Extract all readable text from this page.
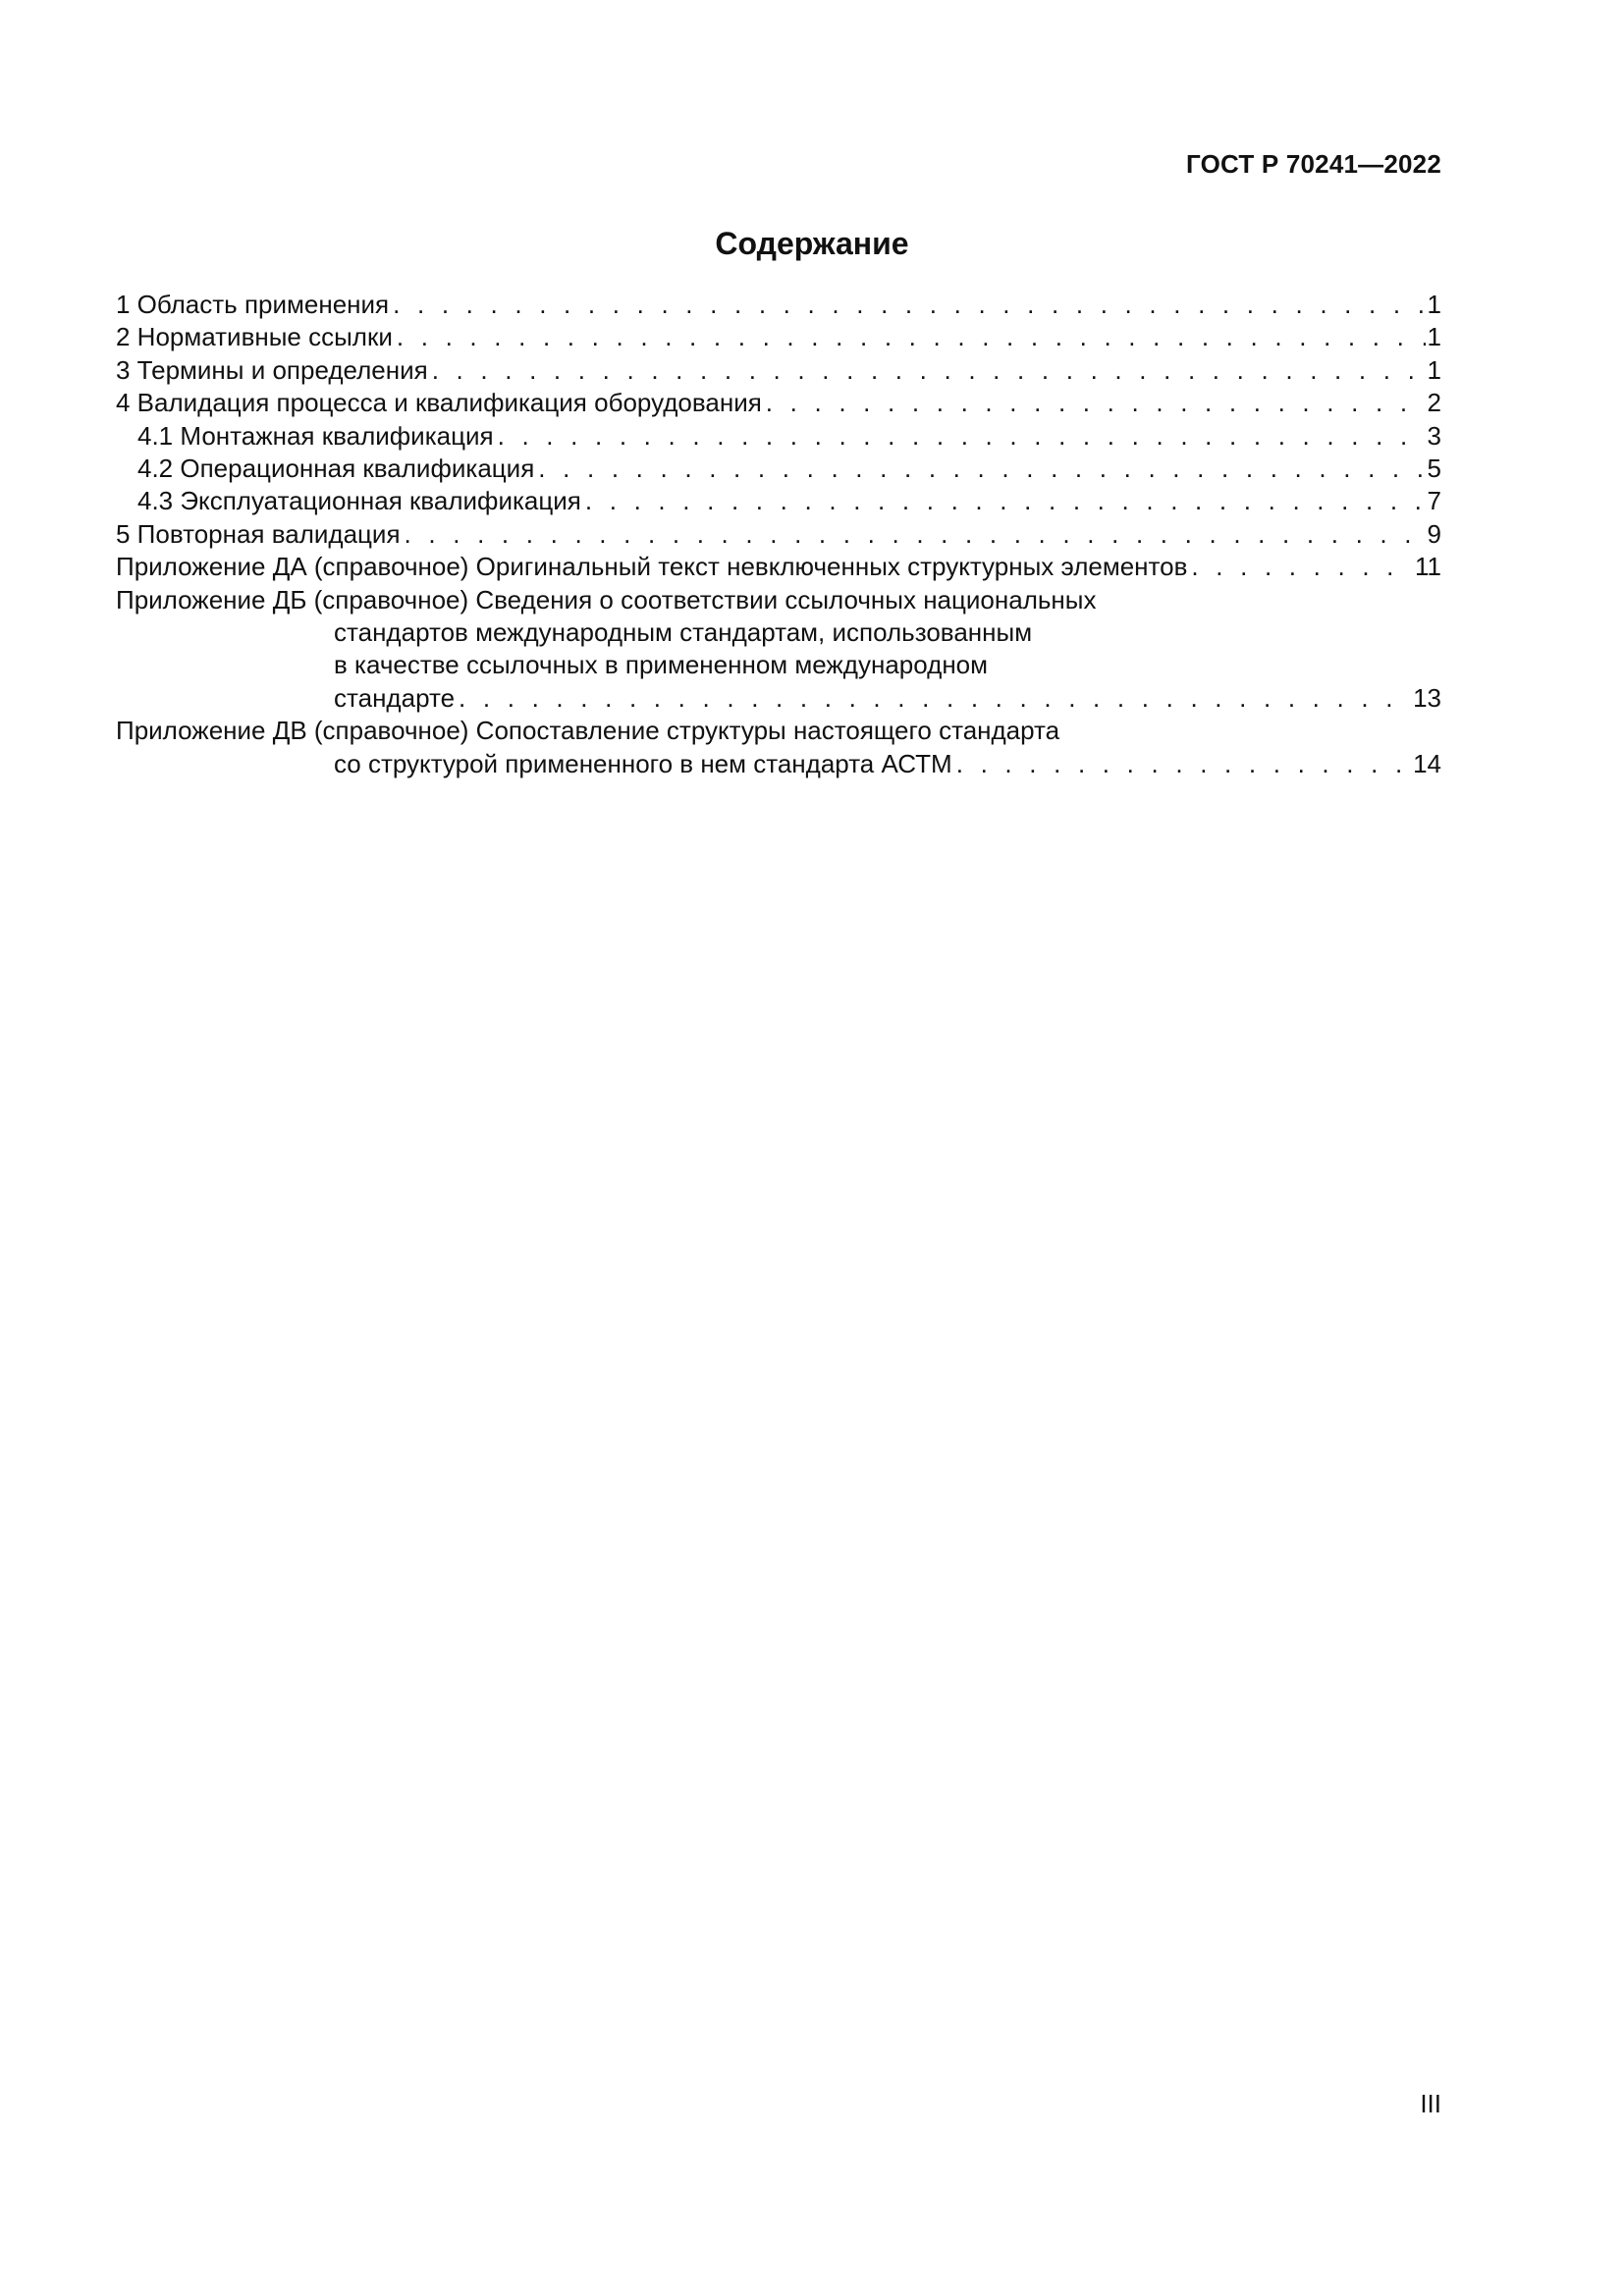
ГОСТ Р 70241—2022
Содержание
1 Область применения . . .	1
2 Нормативные ссылки . . .	1
3 Термины и определения . . .	1
4 Валидация процесса и квалификация оборудования . . .	2
4.1 Монтажная квалификация . . .	3
4.2 Операционная квалификация . . .	5
4.3 Эксплуатационная квалификация . . .	7
5 Повторная валидация . . .	9
Приложение ДА (справочное) Оригинальный текст невключенных структурных элементов . . .	11
Приложение ДБ (справочное) Сведения о соответствии ссылочных национальных
стандартов международным стандартам, использованным
в качестве ссылочных в примененном международном
стандарте . . .	13
Приложение ДВ (справочное) Сопоставление структуры настоящего стандарта
со структурой примененного в нем стандарта АСТМ . . .	14
III
